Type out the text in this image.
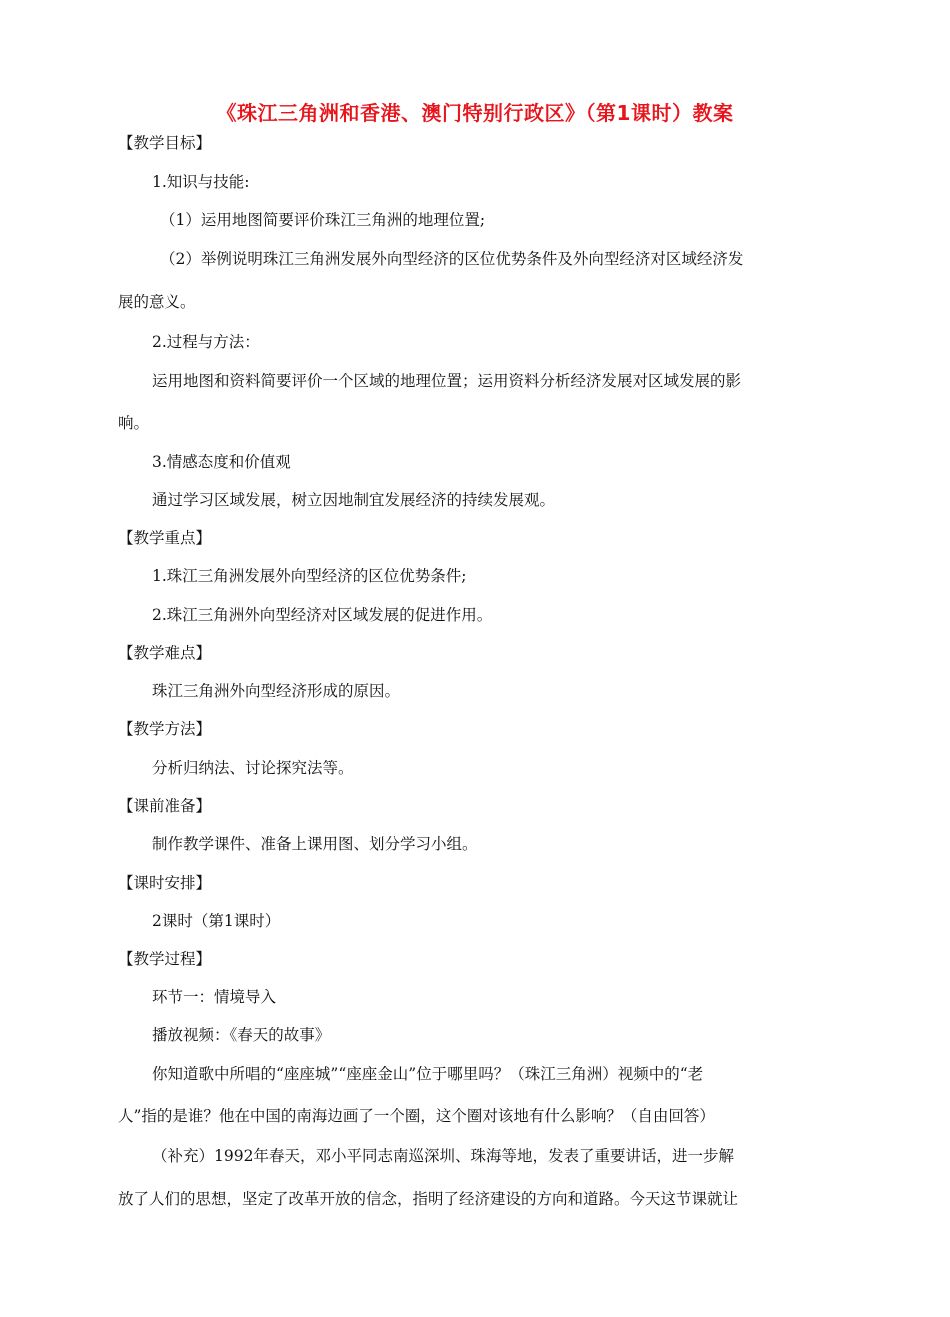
《珠江三角洲和香港、澳门特别行政区》（第1课时）教案
【教学目标】
1.知识与技能:
（1）运用地图简要评价珠江三角洲的地理位置;
（2）举例说明珠江三角洲发展外向型经济的区位优势条件及外向型经济对区域经济发
展的意义。
2.过程与方法：
运用地图和资料简要评价一个区域的地理位置；运用资料分析经济发展对区域发展的影
响。
3.情感态度和价值观
通过学习区域发展，树立因地制宜发展经济的持续发展观。
【教学重点】
1.珠江三角洲发展外向型经济的区位优势条件;
2.珠江三角洲外向型经济对区域发展的促进作用。
【教学难点】
珠江三角洲外向型经济形成的原因。
【教学方法】
分析归纳法、讨论探究法等。
【课前准备】
制作教学课件、准备上课用图、划分学习小组。
【课时安排】
2课时（第1课时）
【教学过程】
环节一：情境导入
播放视频：《春天的故事》
你知道歌中所唱的“座座城”“座座金山”位于哪里吗？（珠江三角洲）视频中的“老
人”指的是谁？他在中国的南海边画了一个圈，这个圈对该地有什么影响？（自由回答）
（补充）1992年春天，邓小平同志南巡深圳、珠海等地，发表了重要讲话，进一步解
放了人们的思想，坚定了改革开放的信念，指明了经济建设的方向和道路。今天这节课就让
